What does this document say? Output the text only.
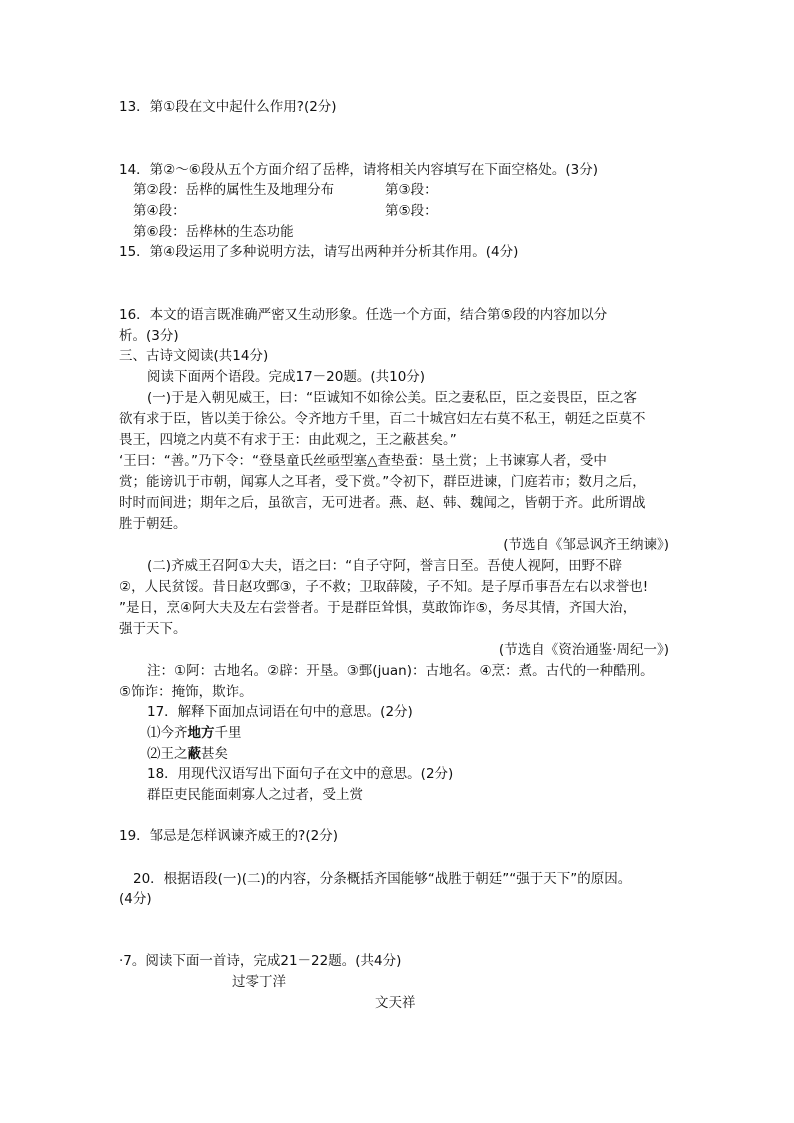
13．第①段在文中起什么作用?(2分)
14．第②～⑥段从五个方面介绍了岳桦，请将相关内容填写在下面空格处。(3分)
第②段：岳桦的属性生及地理分布	第③段：
第④段：	第⑤段：
第⑥段：岳桦林的生态功能
15．第④段运用了多种说明方法，请写出两种并分析其作用。(4分)
16．本文的语言既准确严密又生动形象。任选一个方面，结合第⑤段的内容加以分
析。(3分)
三、古诗文阅读(共14分)
阅读下面两个语段。完成17－20题。(共10分)
(一)于是入朝见威王，曰：“臣诚知不如徐公美。臣之妻私臣，臣之妾畏臣，臣之客
欲有求于臣，皆以美于徐公。令齐地方千里，百二十城宫妇左右莫不私王，朝廷之臣莫不
畏王，四境之内莫不有求于王：由此观之，王之蔽甚矣。”
‘王曰：“善。”乃下令：“登垦童氏丝亟型塞△查垫蚕：垦土赏；上书谏寡人者，受中
赏；能谤讥于市朝，闻寡人之耳者，受下赏。”令初下，群臣进谏，门庭若市；数月之后，
时时而间进；期年之后，虽欲言，无可进者。燕、赵、韩、魏闻之，皆朝于齐。此所谓战
胜于朝廷。
(节选自《邹忌讽齐王纳谏》)
(二)齐威王召阿①大夫，语之曰：“自子守阿，誉言日至。吾使人视阿，田野不辟
②，人民贫馁。昔日赵攻鄄③，子不救；卫取薛陵，子不知。是子厚币事吾左右以求誉也!
”是日，烹④阿大夫及左右尝誉者。于是群臣耸惧，莫敢饰诈⑤，务尽其情，齐国大治，
强于天下。
(节选自《资治通鉴·周纪一》)
注：①阿：古地名。②辟：开垦。③鄄(juan)：古地名。④烹：煮。古代的一种酷刑。
⑤饰诈：掩饰，欺诈。
17．解释下面加点词语在句中的意思。(2分)
⑴今齐地方千里
⑵王之蔽甚矣
18．用现代汉语写出下面句子在文中的意思。(2分)
群臣吏民能面刺寡人之过者，受上赏
19．邹忌是怎样讽谏齐威王的?(2分)
20．根据语段(一)(二)的内容，分条概括齐国能够“战胜于朝廷”“强于天下”的原因。
(4分)
·7。阅读下面一首诗，完成21－22题。(共4分)
过零丁洋
文天祥
